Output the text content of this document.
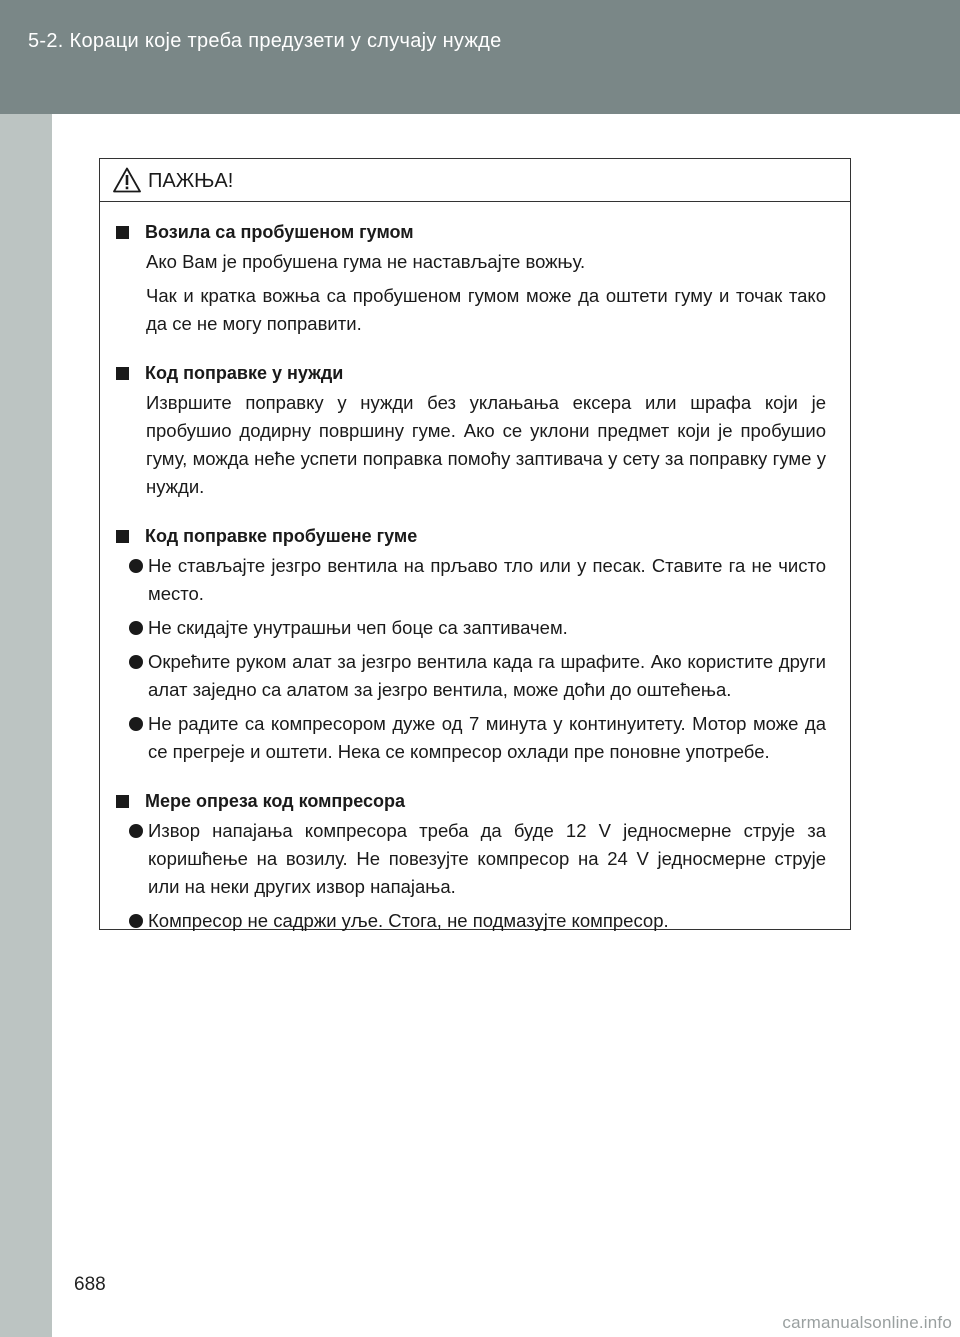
5-2. Кораци које треба предузети у случају нужде
ПАЖЊА!
Возила са пробушеном гумом
Ако Вам је пробушена гума не настављајте вожњу.
Чак и кратка вожња са пробушеном гумом може да оштети гуму и точак тако да се не могу поправити.
Код поправке у нужди
Извршите поправку у нужди без уклањања ексера или шрафа који је пробушио додирну површину гуме. Ако се уклони предмет који је пробушио гуму, можда неће успети поправка помоћу заптивача у сету за поправку гуме у нужди.
Код поправке пробушене гуме
Не стављајте језгро вентила на прљаво тло или у песак. Ставите га не чисто место.
Не скидајте унутрашњи чеп боце са заптивачем.
Окрећите руком алат за језгро вентила када га шрафите. Ако користите други алат заједно са алатом за језгро вентила, може доћи до оштећења.
Не радите са компресором дуже од 7 минута у континуитету. Мотор може да се прегреје и оштети. Нека се компресор охлади пре поновне употребе.
Мере опреза код компресора
Извор напајања компресора треба да буде 12 V једносмерне струје за коришћење на возилу. Не повезујте компресор на 24 V једносмерне струје или на неки других извор напајања.
Компресор не садржи уље. Стога, не подмазујте компресор.
688
carmanualsonline.info
